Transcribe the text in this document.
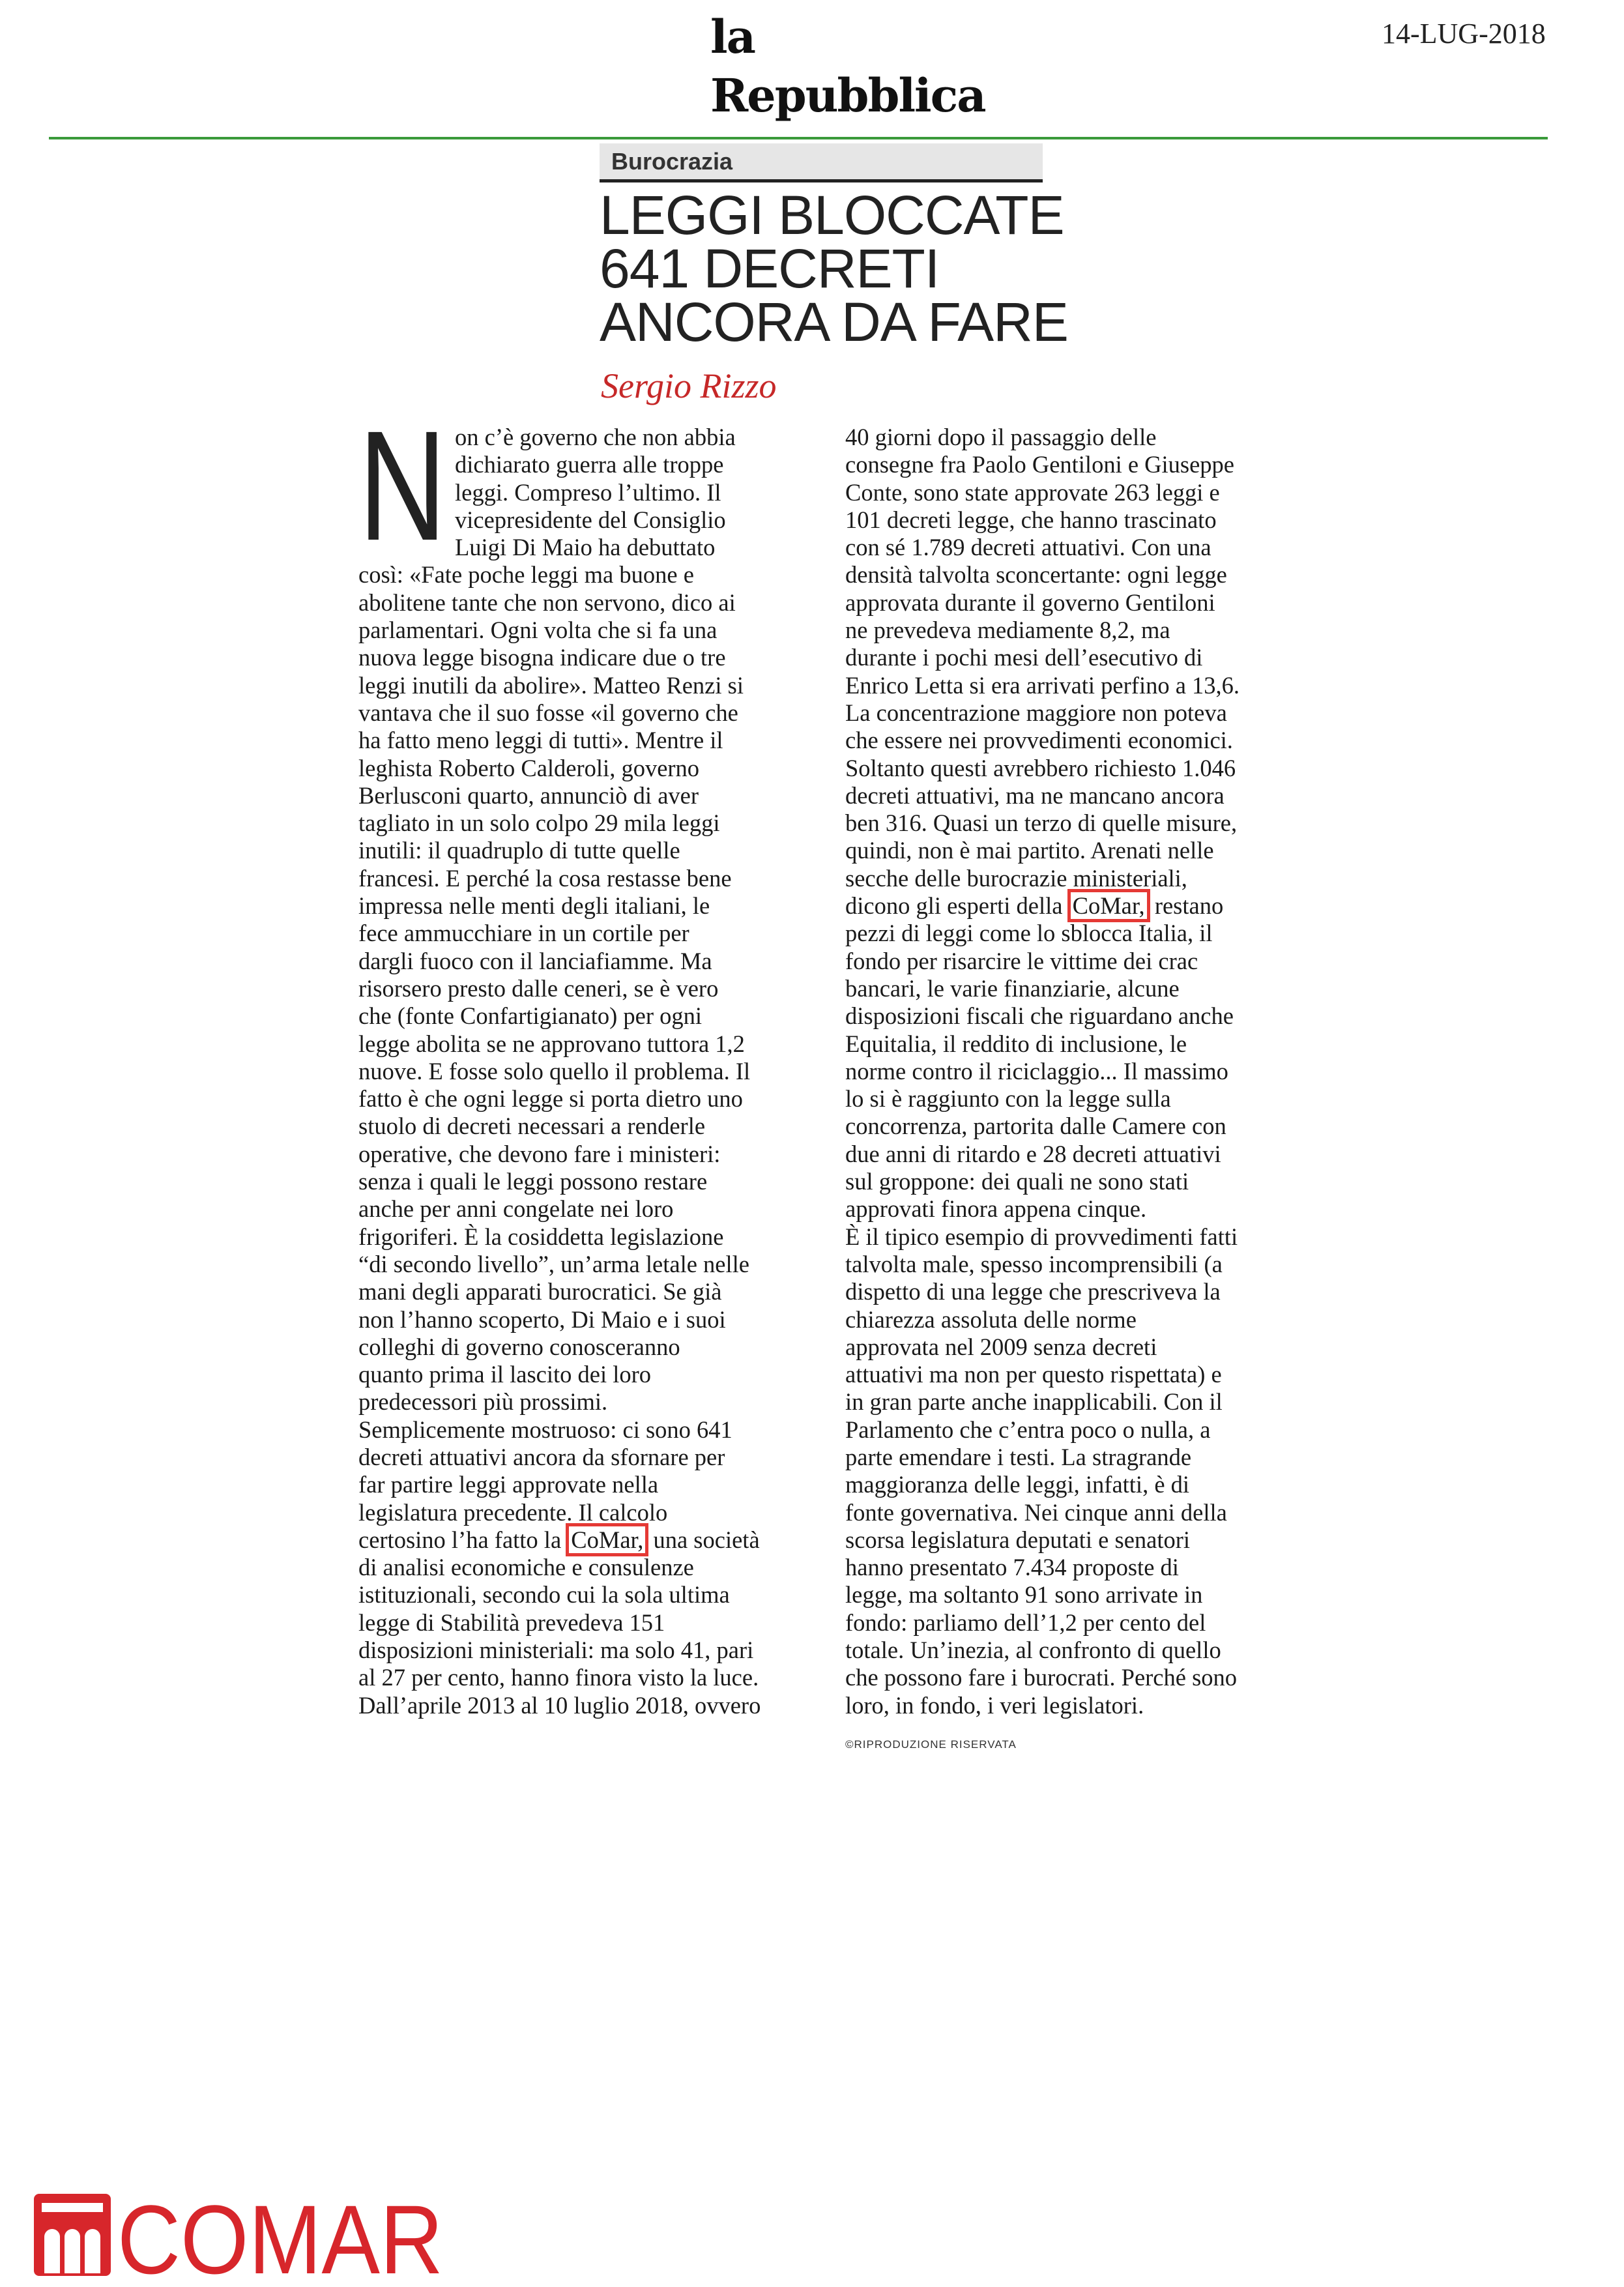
la Repubblica
14-LUG-2018
Burocrazia
LEGGI BLOCCATE
641 DECRETI
ANCORA DA FARE
Sergio Rizzo
N on c’è governo che non abbia
dichiarato guerra alle troppe
leggi. Compreso l’ultimo. Il
vicepresidente del Consiglio
Luigi Di Maio ha debuttato
così: «Fate poche leggi ma buone e
abolitene tante che non servono, dico ai
parlamentari. Ogni volta che si fa una
nuova legge bisogna indicare due o tre
leggi inutili da abolire». Matteo Renzi si
vantava che il suo fosse «il governo che
ha fatto meno leggi di tutti». Mentre il
leghista Roberto Calderoli, governo
Berlusconi quarto, annunciò di aver
tagliato in un solo colpo 29 mila leggi
inutili: il quadruplo di tutte quelle
francesi. E perché la cosa restasse bene
impressa nelle menti degli italiani, le
fece ammucchiare in un cortile per
dargli fuoco con il lanciafiamme. Ma
risorsero presto dalle ceneri, se è vero
che (fonte Confartigianato) per ogni
legge abolita se ne approvano tuttora 1,2
nuove. E fosse solo quello il problema. Il
fatto è che ogni legge si porta dietro uno
stuolo di decreti necessari a renderle
operative, che devono fare i ministeri:
senza i quali le leggi possono restare
anche per anni congelate nei loro
frigoriferi. È la cosiddetta legislazione
“di secondo livello”, un’arma letale nelle
mani degli apparati burocratici. Se già
non l’hanno scoperto, Di Maio e i suoi
colleghi di governo conosceranno
quanto prima il lascito dei loro
predecessori più prossimi.
Semplicemente mostruoso: ci sono 641
decreti attuativi ancora da sfornare per
far partire leggi approvate nella
legislatura precedente. Il calcolo
certosino l’ha fatto la CoMar, una società
di analisi economiche e consulenze
istituzionali, secondo cui la sola ultima
legge di Stabilità prevedeva 151
disposizioni ministeriali: ma solo 41, pari
al 27 per cento, hanno finora visto la luce.
Dall’aprile 2013 al 10 luglio 2018, ovvero
40 giorni dopo il passaggio delle
consegne fra Paolo Gentiloni e Giuseppe
Conte, sono state approvate 263 leggi e
101 decreti legge, che hanno trascinato
con sé 1.789 decreti attuativi. Con una
densità talvolta sconcertante: ogni legge
approvata durante il governo Gentiloni
ne prevedeva mediamente 8,2, ma
durante i pochi mesi dell’esecutivo di
Enrico Letta si era arrivati perfino a 13,6.
La concentrazione maggiore non poteva
che essere nei provvedimenti economici.
Soltanto questi avrebbero richiesto 1.046
decreti attuativi, ma ne mancano ancora
ben 316. Quasi un terzo di quelle misure,
quindi, non è mai partito. Arenati nelle
secche delle burocrazie ministeriali,
dicono gli esperti della CoMar, restano
pezzi di leggi come lo sblocca Italia, il
fondo per risarcire le vittime dei crac
bancari, le varie finanziarie, alcune
disposizioni fiscali che riguardano anche
Equitalia, il reddito di inclusione, le
norme contro il riciclaggio... Il massimo
lo si è raggiunto con la legge sulla
concorrenza, partorita dalle Camere con
due anni di ritardo e 28 decreti attuativi
sul groppone: dei quali ne sono stati
approvati finora appena cinque.
È il tipico esempio di provvedimenti fatti
talvolta male, spesso incomprensibili (a
dispetto di una legge che prescriveva la
chiarezza assoluta delle norme
approvata nel 2009 senza decreti
attuativi ma non per questo rispettata) e
in gran parte anche inapplicabili. Con il
Parlamento che c’entra poco o nulla, a
parte emendare i testi. La stragrande
maggioranza delle leggi, infatti, è di
fonte governativa. Nei cinque anni della
scorsa legislatura deputati e senatori
hanno presentato 7.434 proposte di
legge, ma soltanto 91 sono arrivate in
fondo: parliamo dell’1,2 per cento del
totale. Un’inezia, al confronto di quello
che possono fare i burocrati. Perché sono
loro, in fondo, i veri legislatori.
©RIPRODUZIONE RISERVATA
COMAR
